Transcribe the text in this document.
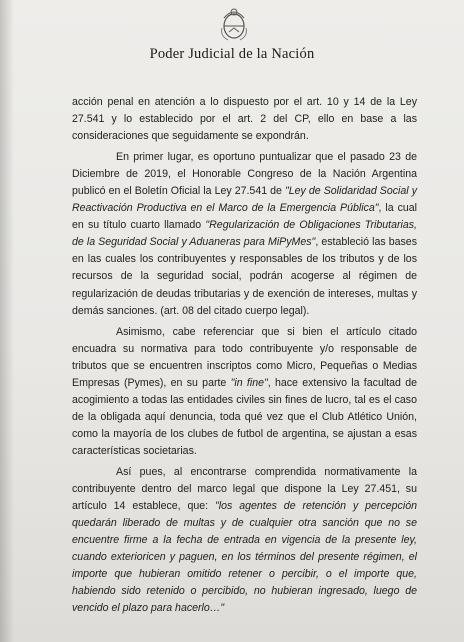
Poder Judicial de la Nación

acción penal en atención a lo dispuesto por el art. 10 y 14 de la Ley 27.541 y lo establecido por el art. 2 del CP, ello en base a las consideraciones que seguidamente se expondrán.

En primer lugar, es oportuno puntualizar que el pasado 23 de Diciembre de 2019, el Honorable Congreso de la Nación Argentina publicó en el Boletín Oficial la Ley 27.541 de "Ley de Solidaridad Social y Reactivación Productiva en el Marco de la Emergencia Pública", la cual en su título cuarto llamado "Regularización de Obligaciones Tributarias, de la Seguridad Social y Aduaneras para MiPyMes", estableció las bases en las cuales los contribuyentes y responsables de los tributos y de los recursos de la seguridad social, podrán acogerse al régimen de regularización de deudas tributarias y de exención de intereses, multas y demás sanciones. (art. 08 del citado cuerpo legal).

Asimismo, cabe referenciar que si bien el artículo citado encuadra su normativa para todo contribuyente y/o responsable de tributos que se encuentren inscriptos como Micro, Pequeñas o Medias Empresas (Pymes), en su parte "in fine", hace extensivo la facultad de acogimiento a todas las entidades civiles sin fines de lucro, tal es el caso de la obligada aquí denuncia, toda qué vez que el Club Atlético Unión, como la mayoría de los clubes de futbol de argentina, se ajustan a esas características societarias.

Así pues, al encontrarse comprendida normativamente la contribuyente dentro del marco legal que dispone la Ley 27.451, su artículo 14 establece, que: "los agentes de retención y percepción quedarán liberado de multas y de cualquier otra sanción que no se encuentre firme a la fecha de entrada en vigencia de la presente ley, cuando exterioricen y paguen, en los términos del presente régimen, el importe que hubieran omitido retener o percibir, o el importe que, habiendo sido retenido o percibido, no hubieran ingresado, luego de vencido el plazo para hacerlo…"
